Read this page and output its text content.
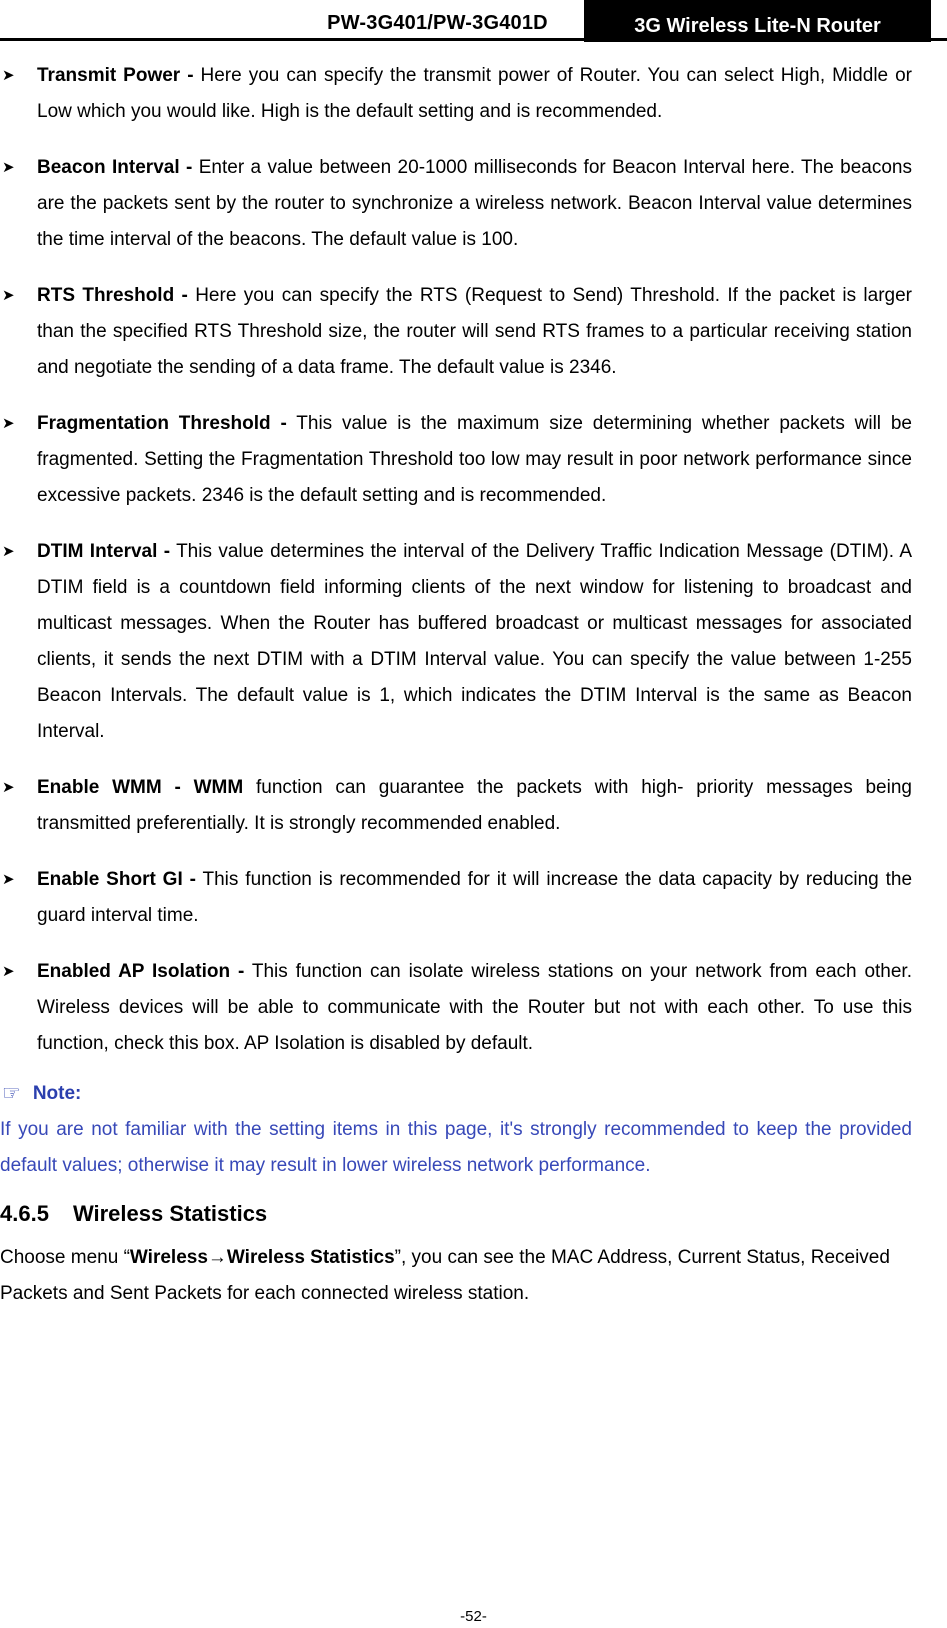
PW-3G401/PW-3G401D	3G Wireless Lite-N Router
➤	Transmit Power - Here you can specify the transmit power of Router. You can select High, Middle or Low which you would like. High is the default setting and is recommended.
➤	Beacon Interval - Enter a value between 20-1000 milliseconds for Beacon Interval here. The beacons are the packets sent by the router to synchronize a wireless network. Beacon Interval value determines the time interval of the beacons. The default value is 100.
➤	RTS Threshold - Here you can specify the RTS (Request to Send) Threshold. If the packet is larger than the specified RTS Threshold size, the router will send RTS frames to a particular receiving station and negotiate the sending of a data frame. The default value is 2346.
➤	Fragmentation Threshold - This value is the maximum size determining whether packets will be fragmented. Setting the Fragmentation Threshold too low may result in poor network performance since excessive packets. 2346 is the default setting and is recommended.
➤	DTIM Interval - This value determines the interval of the Delivery Traffic Indication Message (DTIM). A DTIM field is a countdown field informing clients of the next window for listening to broadcast and multicast messages. When the Router has buffered broadcast or multicast messages for associated clients, it sends the next DTIM with a DTIM Interval value. You can specify the value between 1-255 Beacon Intervals. The default value is 1, which indicates the DTIM Interval is the same as Beacon Interval.
➤	Enable WMM - WMM function can guarantee the packets with high- priority messages being transmitted preferentially. It is strongly recommended enabled.
➤	Enable Short GI - This function is recommended for it will increase the data capacity by reducing the guard interval time.
➤	Enabled AP Isolation - This function can isolate wireless stations on your network from each other. Wireless devices will be able to communicate with the Router but not with each other. To use this function, check this box. AP Isolation is disabled by default.
☞ Note:
If you are not familiar with the setting items in this page, it's strongly recommended to keep the provided default values; otherwise it may result in lower wireless network performance.
4.6.5 Wireless Statistics
Choose menu “Wireless→Wireless Statistics”, you can see the MAC Address, Current Status, Received Packets and Sent Packets for each connected wireless station.
-52-
